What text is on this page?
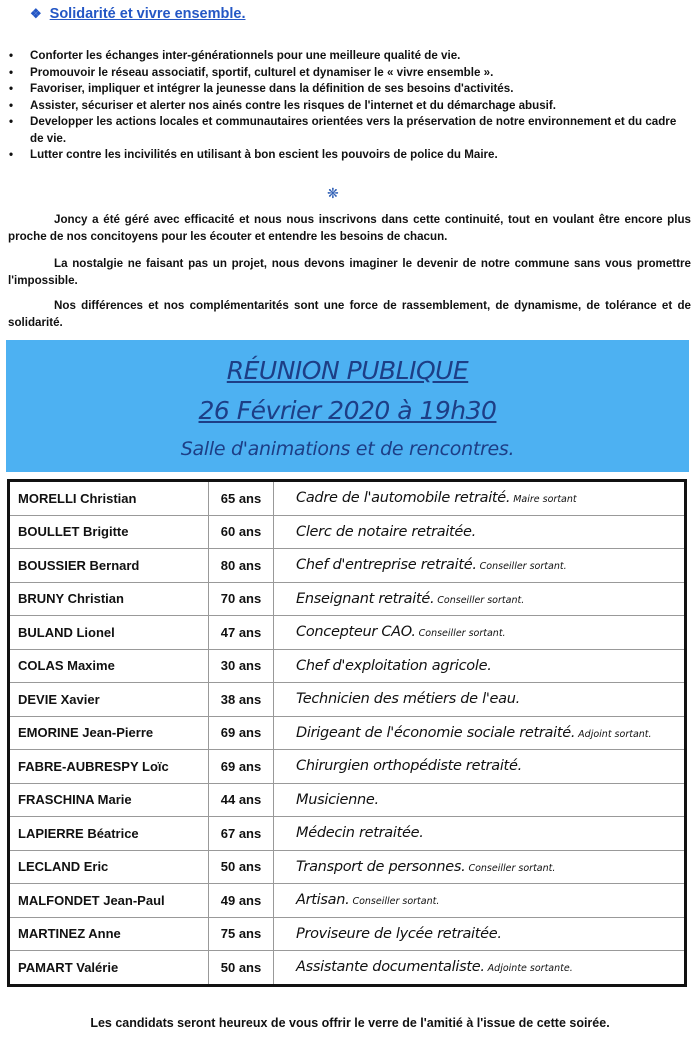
❖ Solidarité et vivre ensemble.
• Conforter les échanges inter-générationnels pour une meilleure qualité de vie.
• Promouvoir le réseau associatif, sportif, culturel et dynamiser le « vivre ensemble ».
• Favoriser, impliquer et intégrer la jeunesse dans la définition de ses besoins d'activités.
• Assister, sécuriser et alerter nos ainés contre les risques de l'internet et du démarchage abusif.
• Developper les actions locales et communautaires orientées vers la préservation de notre environnement et du cadre de vie.
• Lutter contre les incivilités en utilisant à bon escient les pouvoirs de police du Maire.
❋

Joncy a été géré avec efficacité et nous nous inscrivons dans cette continuité, tout en voulant être encore plus proche de nos concitoyens pour les écouter et entendre les besoins de chacun.

La nostalgie ne faisant pas un projet, nous devons imaginer le devenir de notre commune sans vous promettre l'impossible.

Nos différences et nos complémentarités sont une force de rassemblement, de dynamisme, de tolérance et de solidarité.

RÉUNION PUBLIQUE
26 Février 2020 à 19h30
Salle d'animations et de rencontres.
MORELLI Christian	65 ans	Cadre de l'automobile retraité. Maire sortant
BOULLET Brigitte	60 ans	Clerc de notaire retraitée.
BOUSSIER Bernard	80 ans	Chef d'entreprise retraité. Conseiller sortant.
BRUNY Christian	70 ans	Enseignant retraité. Conseiller sortant.
BULAND Lionel	47 ans	Concepteur CAO. Conseiller sortant.
COLAS Maxime	30 ans	Chef d'exploitation agricole.
DEVIE Xavier	38 ans	Technicien des métiers de l'eau.
EMORINE Jean-Pierre	69 ans	Dirigeant de l'économie sociale retraité. Adjoint sortant.
FABRE-AUBRESPY Loïc	69 ans	Chirurgien orthopédiste retraité.
FRASCHINA Marie	44 ans	Musicienne.
LAPIERRE Béatrice	67 ans	Médecin retraitée.
LECLAND Eric	50 ans	Transport de personnes. Conseiller sortant.
MALFONDET Jean-Paul	49 ans	Artisan. Conseiller sortant.
MARTINEZ Anne	75 ans	Proviseure de lycée retraitée.
PAMART Valérie	50 ans	Assistante documentaliste. Adjointe sortante.
Les candidats seront heureux de vous offrir le verre de l'amitié à l'issue de cette soirée.
